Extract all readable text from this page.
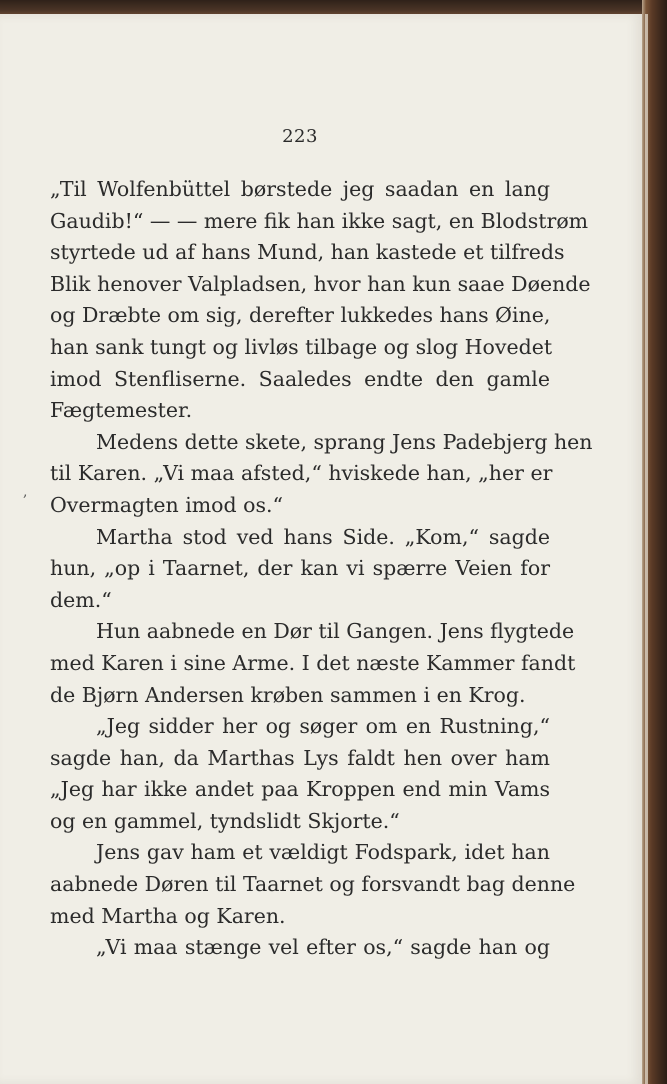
223
,
„Til Wolfenbüttel børstede jeg saadan en lang
Gaudib!“ — — mere fik han ikke sagt, en Blodstrøm
styrtede ud af hans Mund, han kastede et tilfreds
Blik henover Valpladsen, hvor han kun saae Døende
og Dræbte om sig, derefter lukkedes hans Øine,
han sank tungt og livløs tilbage og slog Hovedet
imod Stenfliserne. Saaledes endte den gamle
Fægtemester.
Medens dette skete, sprang Jens Padebjerg hen
til Karen. „Vi maa afsted,“ hviskede han, „her er
Overmagten imod os.“
Martha stod ved hans Side. „Kom,“ sagde
hun, „op i Taarnet, der kan vi spærre Veien for
dem.“
Hun aabnede en Dør til Gangen. Jens flygtede
med Karen i sine Arme. I det næste Kammer fandt
de Bjørn Andersen krøben sammen i en Krog.
„Jeg sidder her og søger om en Rustning,“
sagde han, da Marthas Lys faldt hen over ham
„Jeg har ikke andet paa Kroppen end min Vams
og en gammel, tyndslidt Skjorte.“
Jens gav ham et vældigt Fodspark, idet han
aabnede Døren til Taarnet og forsvandt bag denne
med Martha og Karen.
„Vi maa stænge vel efter os,“ sagde han og
